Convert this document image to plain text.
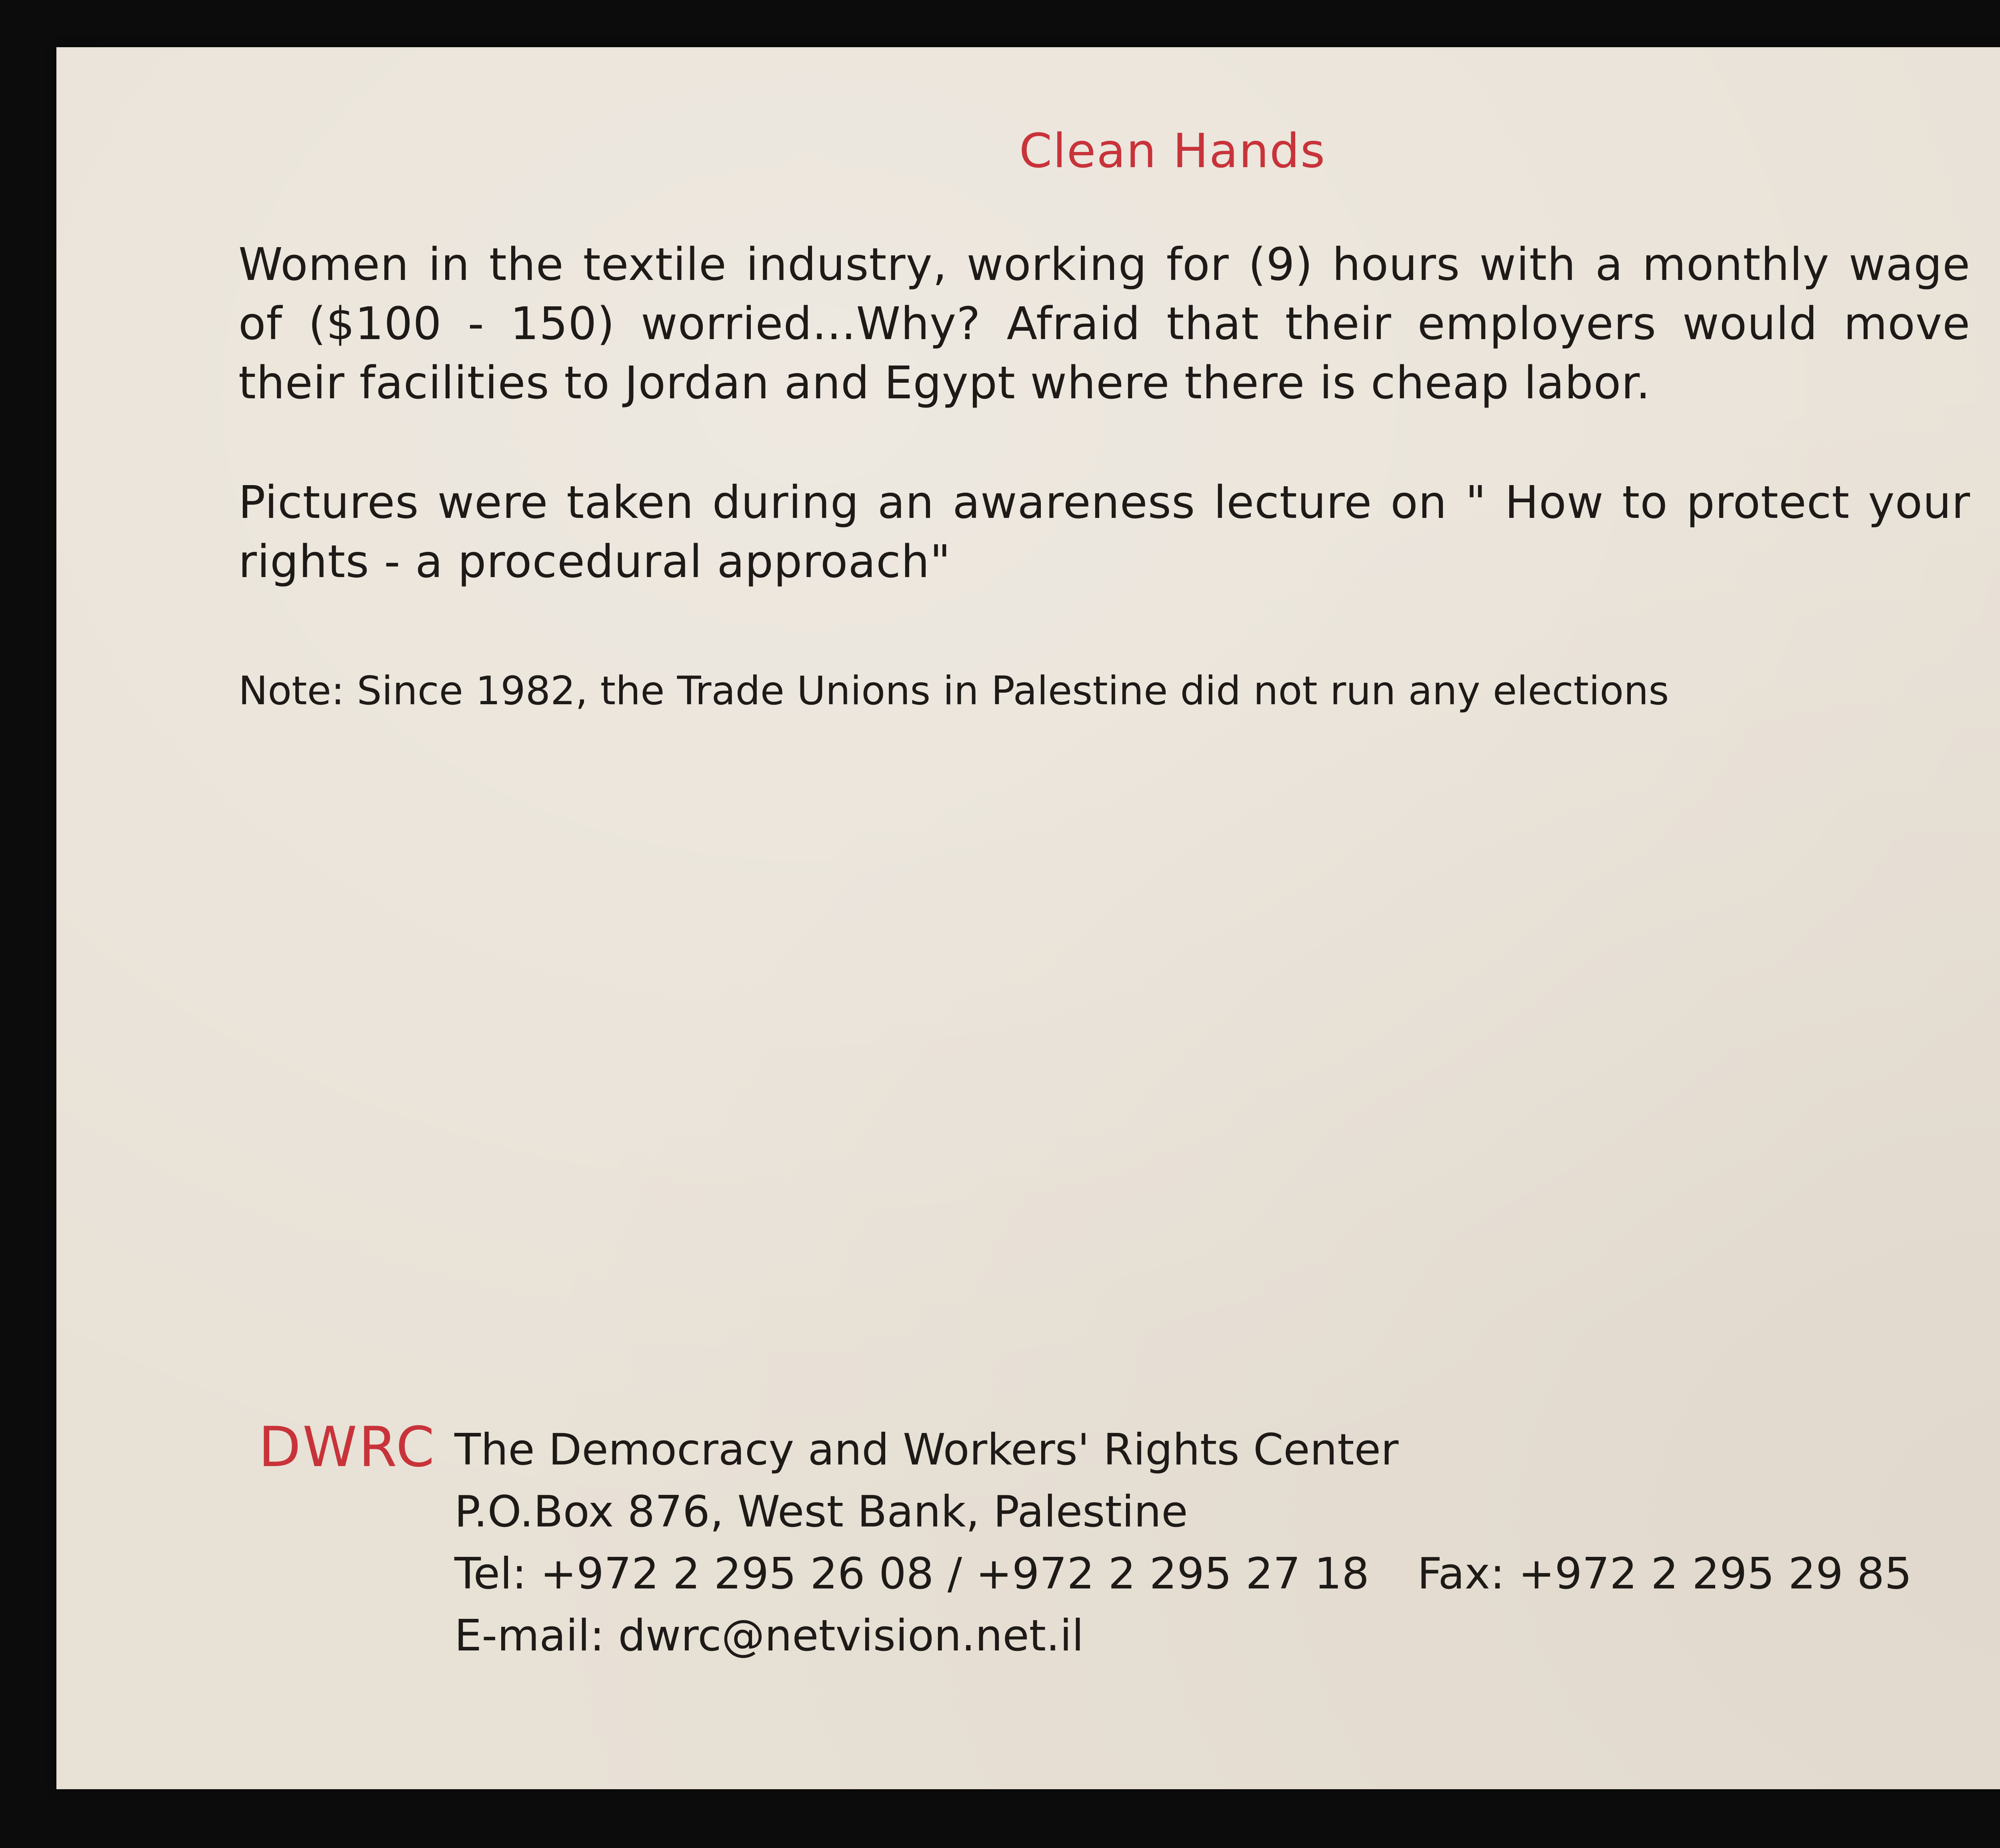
Clean Hands
Women in the textile industry, working for (9) hours with a monthly wage of ($100 - 150) worried...Why? Afraid that their employers would move their facilities to Jordan and Egypt where there is cheap labor.
Pictures were taken during an awareness lecture on " How to protect your rights - a procedural approach"
Note: Since 1982, the Trade Unions in Palestine did not run any elections
DWRC The Democracy and Workers' Rights Center
P.O.Box 876, West Bank, Palestine
Tel: +972 2 295 26 08 / +972 2 295 27 18 Fax: +972 2 295 29 85
E-mail: dwrc@netvision.net.il
